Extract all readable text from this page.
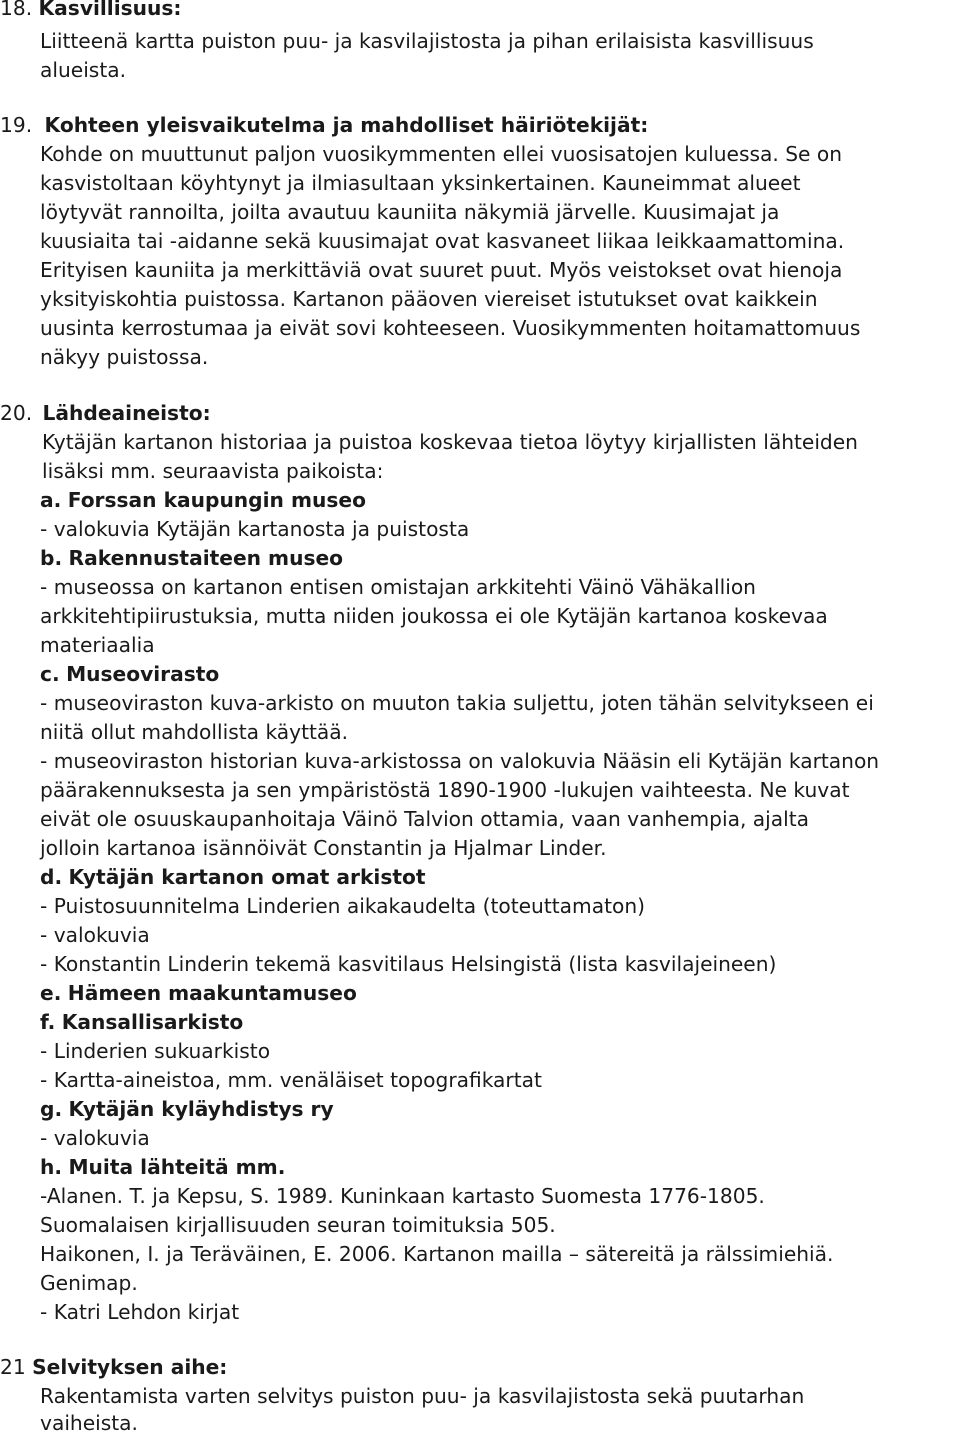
18. Kasvillisuus:
Liitteenä kartta puiston puu- ja kasvilajistosta ja pihan erilaisista kasvillisuus
alueista.
19. Kohteen yleisvaikutelma ja mahdolliset häiriötekijät:
Kohde on muuttunut paljon vuosikymmenten ellei vuosisatojen kuluessa. Se on
kasvistoltaan köyhtynyt ja ilmiasultaan yksinkertainen. Kauneimmat alueet
löytyvät rannoilta, joilta avautuu kauniita näkymiä järvelle. Kuusimajat ja
kuusiaita tai -aidanne sekä kuusimajat ovat kasvaneet liikaa leikkaamattomina.
Erityisen kauniita ja merkittäviä ovat suuret puut. Myös veistokset ovat hienoja
yksityiskohtia puistossa. Kartanon pääoven viereiset istutukset ovat kaikkein
uusinta kerrostumaa ja eivät sovi kohteeseen. Vuosikymmenten hoitamattomuus
näkyy puistossa.
20. Lähdeaineisto:
Kytäjän kartanon historiaa ja puistoa koskevaa tietoa löytyy kirjallisten lähteiden
lisäksi mm. seuraavista paikoista:
a. Forssan kaupungin museo
- valokuvia Kytäjän kartanosta ja puistosta
b. Rakennustaiteen museo
- museossa on kartanon entisen omistajan arkkitehti Väinö Vähäkallion
arkkitehtipiirustuksia, mutta niiden joukossa ei ole Kytäjän kartanoa koskevaa
materiaalia
c. Museovirasto
- museoviraston kuva-arkisto on muuton takia suljettu, joten tähän selvitykseen ei
niitä ollut mahdollista käyttää.
- museoviraston historian kuva-arkistossa on valokuvia Nääsin eli Kytäjän kartanon
päärakennuksesta ja sen ympäristöstä 1890-1900 -lukujen vaihteesta. Ne kuvat
eivät ole osuuskaupanhoitaja Väinö Talvion ottamia, vaan vanhempia, ajalta
jolloin kartanoa isännöivät Constantin ja Hjalmar Linder.
d. Kytäjän kartanon omat arkistot
- Puistosuunnitelma Linderien aikakaudelta (toteuttamaton)
- valokuvia
- Konstantin Linderin tekemä kasvitilaus Helsingistä (lista kasvilajeineen)
e. Hämeen maakuntamuseo
f. Kansallisarkisto
- Linderien sukuarkisto
- Kartta-aineistoa, mm. venäläiset topografikartat
g. Kytäjän kyläyhdistys ry
- valokuvia
h. Muita lähteitä mm.
-Alanen. T. ja Kepsu, S. 1989. Kuninkaan kartasto Suomesta 1776-1805.
Suomalaisen kirjallisuuden seuran toimituksia 505.
Haikonen, I. ja Teräväinen, E. 2006. Kartanon mailla – sätereitä ja rälssimiehiä.
Genimap.
- Katri Lehdon kirjat
21 Selvityksen aihe:
Rakentamista varten selvitys puiston puu- ja kasvilajistosta sekä puutarhan
vaiheista.
